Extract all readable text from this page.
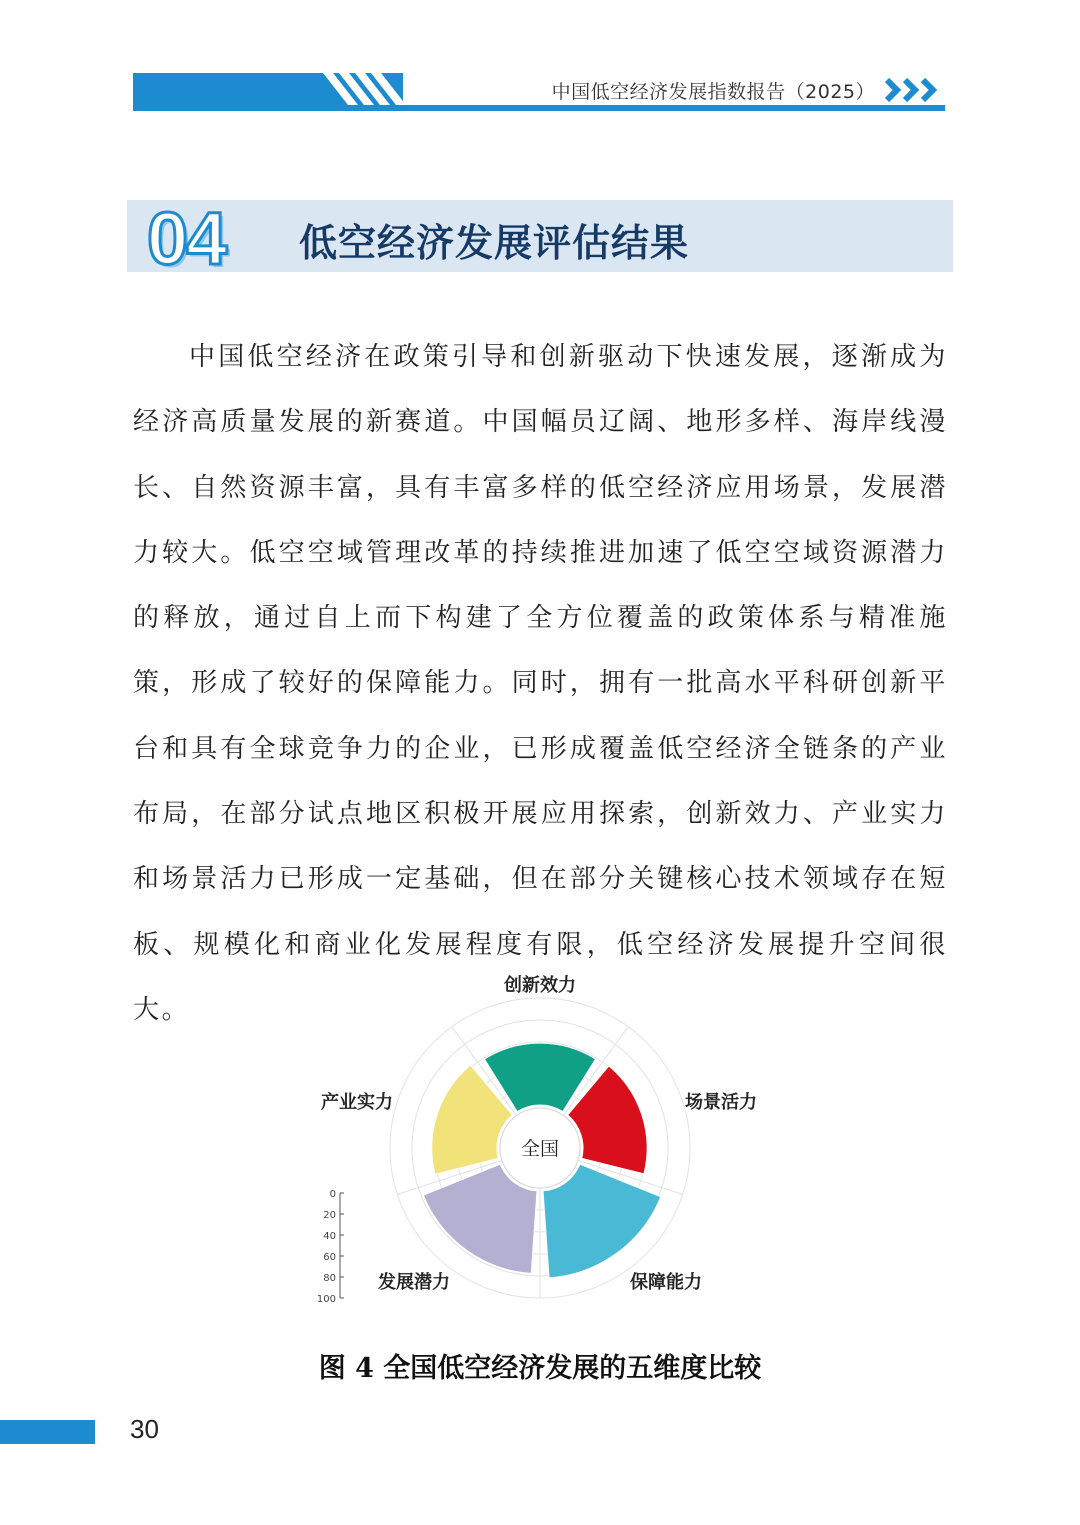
中国低空经济发展指数报告（2025）
04 低空经济发展评估结果
中国低空经济在政策引导和创新驱动下快速发展，逐渐成为经济高质量发展的新赛道。中国幅员辽阔、地形多样、海岸线漫长、自然资源丰富，具有丰富多样的低空经济应用场景，发展潜力较大。低空空域管理改革的持续推进加速了低空空域资源潜力的释放，通过自上而下构建了全方位覆盖的政策体系与精准施策，形成了较好的保障能力。同时，拥有一批高水平科研创新平台和具有全球竞争力的企业，已形成覆盖低空经济全链条的产业布局，在部分试点地区积极开展应用探索，创新效力、产业实力和场景活力已形成一定基础，但在部分关键核心技术领域存在短板、规模化和商业化发展程度有限，低空经济发展提升空间很大。
全国
创新效力
场景活力
保障能力
发展潜力
产业实力
0
20
40
60
80
100
图 4 全国低空经济发展的五维度比较
30
